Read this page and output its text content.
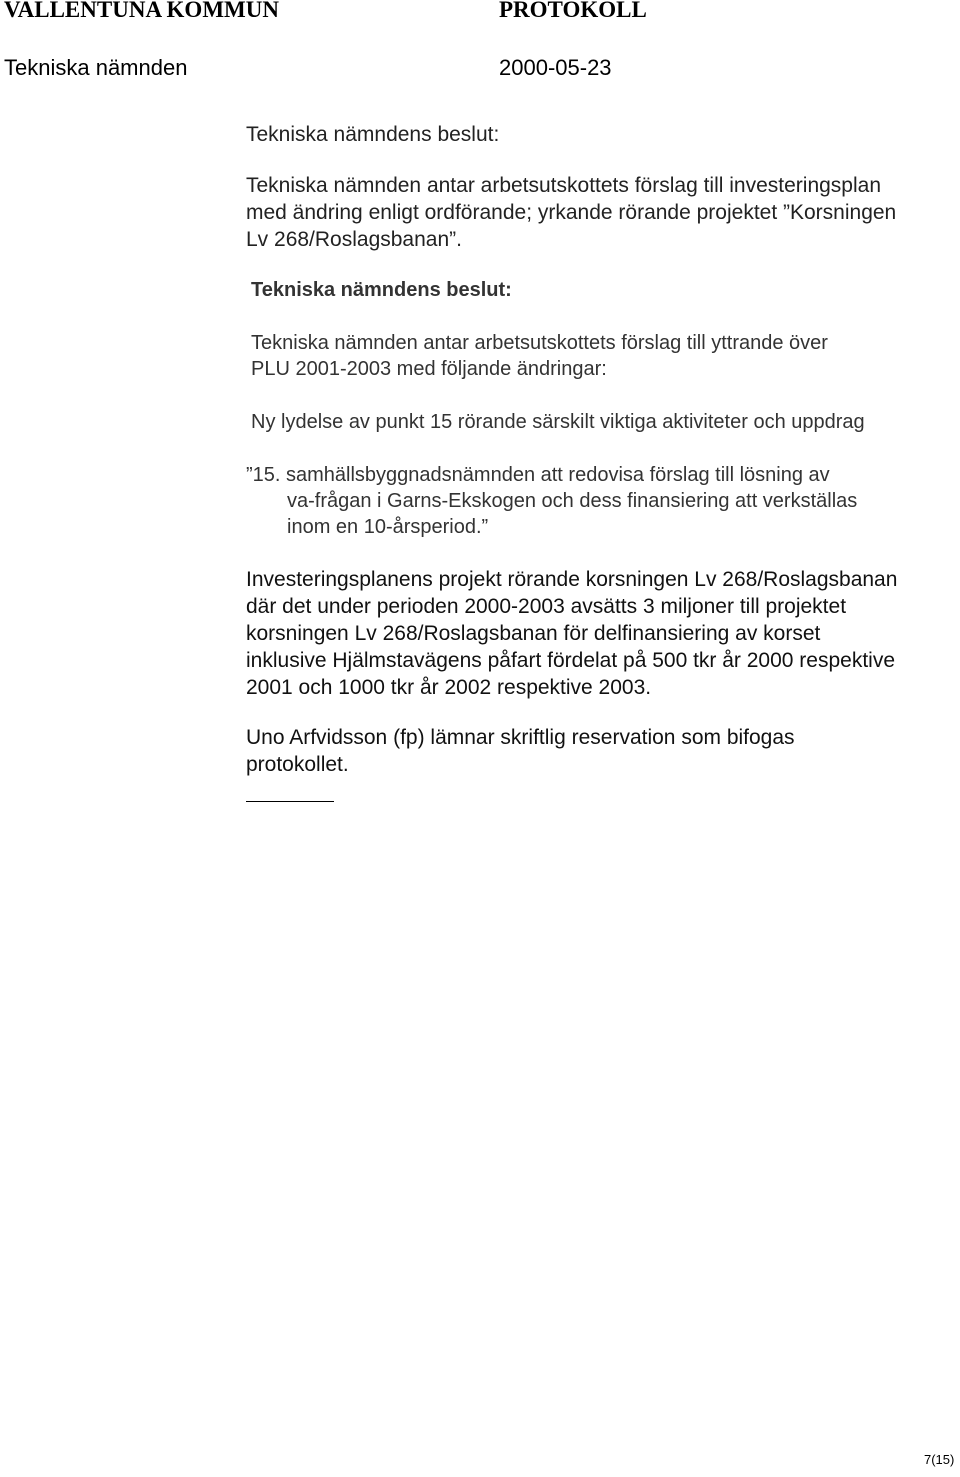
VALLENTUNA KOMMUN	PROTOKOLL
Tekniska nämnden	2000-05-23
Tekniska nämndens beslut:
Tekniska nämnden antar arbetsutskottets förslag till investeringsplan
med ändring enligt ordförande; yrkande rörande projektet ”Korsningen
Lv 268/Roslagsbanan”.
Tekniska nämndens beslut:
Tekniska nämnden antar arbetsutskottets förslag till yttrande över
PLU 2001-2003 med följande ändringar:
Ny lydelse av punkt 15 rörande särskilt viktiga aktiviteter och uppdrag
”15. samhällsbyggnadsnämnden att redovisa förslag till lösning av
va-frågan i Garns-Ekskogen och dess finansiering att verkställas
inom en 10-årsperiod.”
Investeringsplanens projekt rörande korsningen Lv 268/Roslagsbanan
där det under perioden 2000-2003 avsätts 3 miljoner till projektet
korsningen Lv 268/Roslagsbanan för delfinansiering av korset
inklusive Hjälmstavägens påfart fördelat på 500 tkr år 2000 respektive
2001 och 1000 tkr år 2002 respektive 2003.
Uno Arfvidsson (fp) lämnar skriftlig reservation som bifogas
protokollet.
7(15)
